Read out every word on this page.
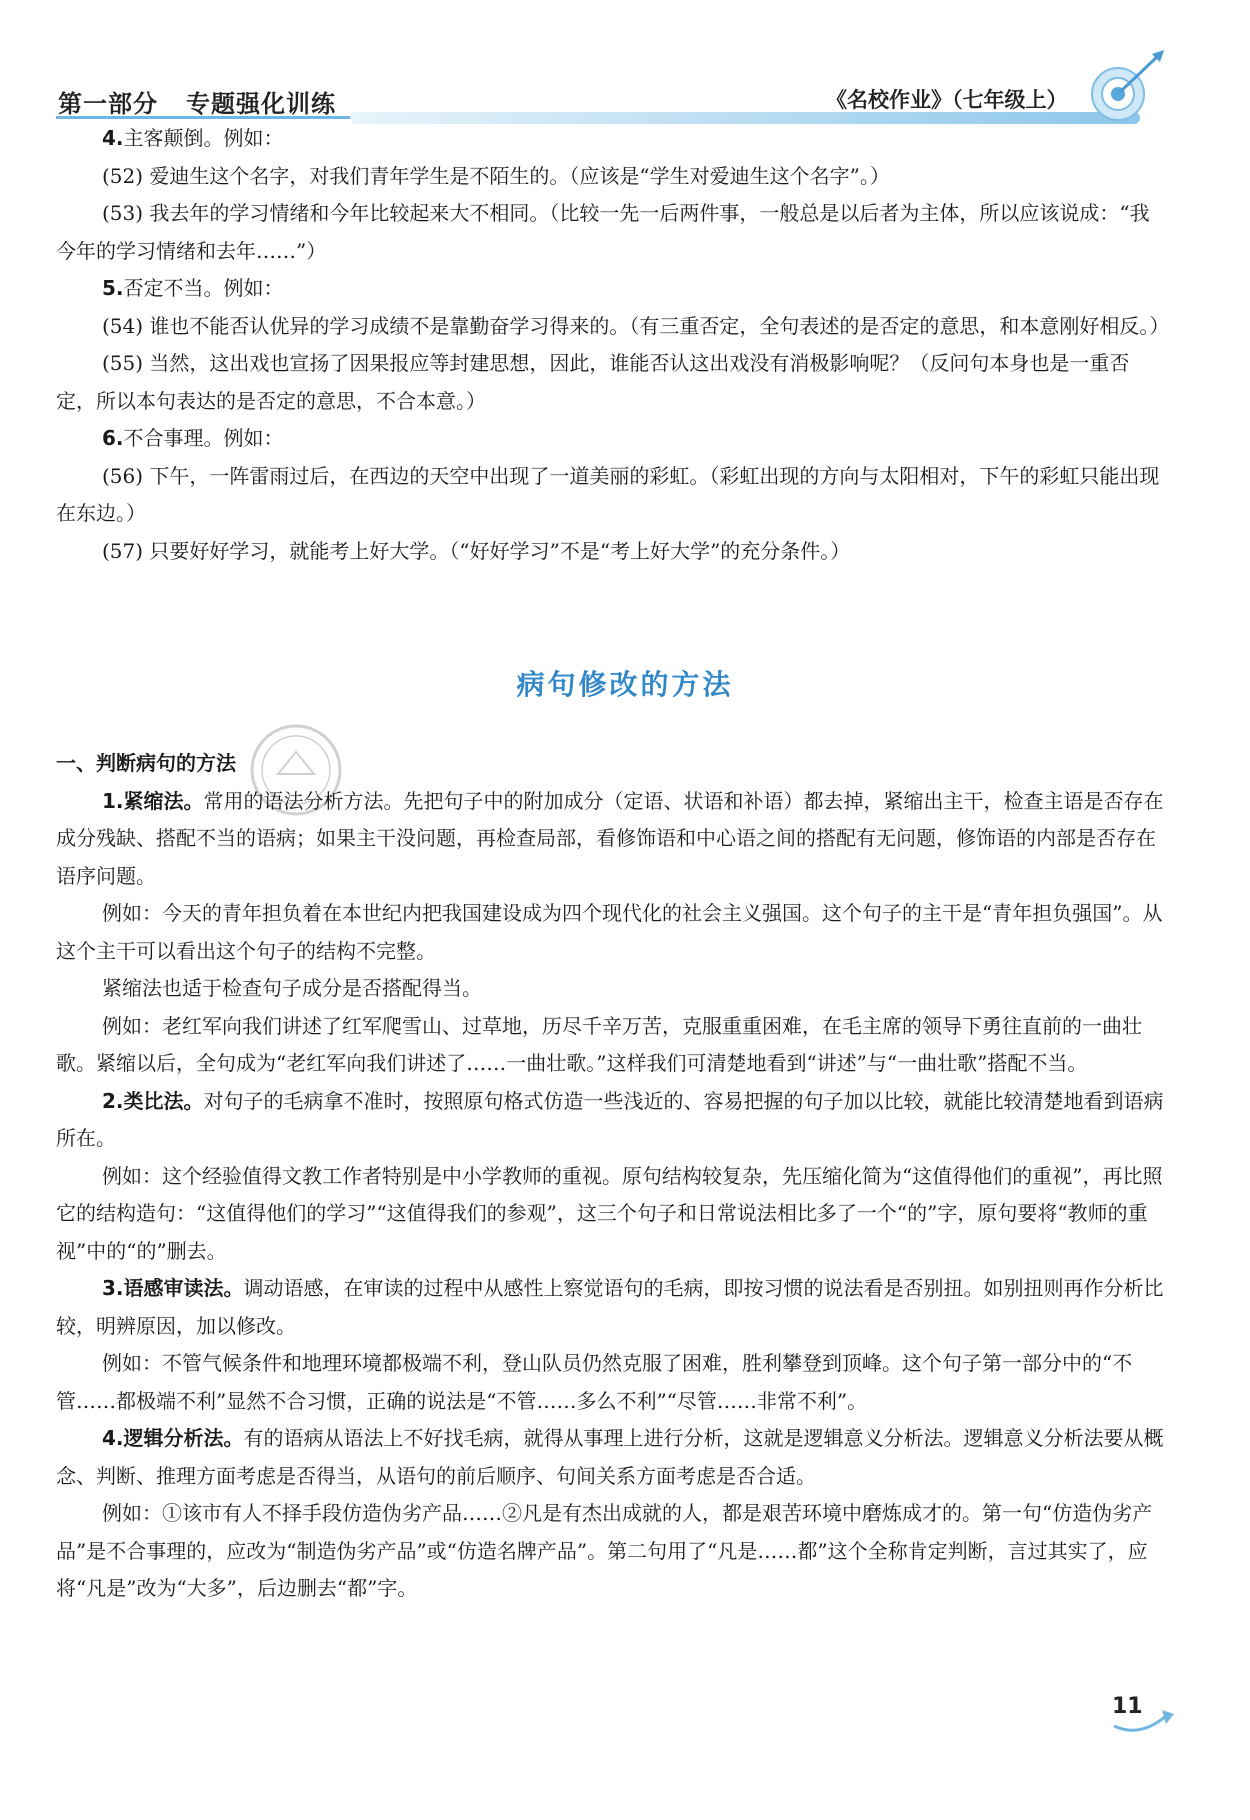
第一部分 专题强化训练	《名校作业》（七年级上）

4.主客颠倒。例如：

(52) 爱迪生这个名字，对我们青年学生是不陌生的。（应该是“学生对爱迪生这个名字”。）

(53) 我去年的学习情绪和今年比较起来大不相同。（比较一先一后两件事，一般总是以后者为主体，所以应该说成：“我今年的学习情绪和去年……”）

5.否定不当。例如：

(54) 谁也不能否认优异的学习成绩不是靠勤奋学习得来的。（有三重否定，全句表述的是否定的意思，和本意刚好相反。）

(55) 当然，这出戏也宣扬了因果报应等封建思想，因此，谁能否认这出戏没有消极影响呢？（反问句本身也是一重否定，所以本句表达的是否定的意思，不合本意。）

6.不合事理。例如：

(56) 下午，一阵雷雨过后，在西边的天空中出现了一道美丽的彩虹。（彩虹出现的方向与太阳相对，下午的彩虹只能出现在东边。）

(57) 只要好好学习，就能考上好大学。（“好好学习”不是“考上好大学”的充分条件。）

病句修改的方法

一、判断病句的方法

1.紧缩法。常用的语法分析方法。先把句子中的附加成分（定语、状语和补语）都去掉，紧缩出主干，检查主语是否存在成分残缺、搭配不当的语病；如果主干没问题，再检查局部，看修饰语和中心语之间的搭配有无问题，修饰语的内部是否存在语序问题。

例如：今天的青年担负着在本世纪内把我国建设成为四个现代化的社会主义强国。这个句子的主干是“青年担负强国”。从这个主干可以看出这个句子的结构不完整。

紧缩法也适于检查句子成分是否搭配得当。

例如：老红军向我们讲述了红军爬雪山、过草地，历尽千辛万苦，克服重重困难，在毛主席的领导下勇往直前的一曲壮歌。紧缩以后，全句成为“老红军向我们讲述了……一曲壮歌。”这样我们可清楚地看到“讲述”与“一曲壮歌”搭配不当。

2.类比法。对句子的毛病拿不准时，按照原句格式仿造一些浅近的、容易把握的句子加以比较，就能比较清楚地看到语病所在。

例如：这个经验值得文教工作者特别是中小学教师的重视。原句结构较复杂，先压缩化简为“这值得他们的重视”，再比照它的结构造句：“这值得他们的学习”“这值得我们的参观”，这三个句子和日常说法相比多了一个“的”字，原句要将“教师的重视”中的“的”删去。

3.语感审读法。调动语感，在审读的过程中从感性上察觉语句的毛病，即按习惯的说法看是否别扭。如别扭则再作分析比较，明辨原因，加以修改。

例如：不管气候条件和地理环境都极端不利，登山队员仍然克服了困难，胜利攀登到顶峰。这个句子第一部分中的“不管……都极端不利”显然不合习惯，正确的说法是“不管……多么不利”“尽管……非常不利”。

4.逻辑分析法。有的语病从语法上不好找毛病，就得从事理上进行分析，这就是逻辑意义分析法。逻辑意义分析法要从概念、判断、推理方面考虑是否得当，从语句的前后顺序、句间关系方面考虑是否合适。

例如：①该市有人不择手段仿造伪劣产品……②凡是有杰出成就的人，都是艰苦环境中磨炼成才的。第一句“仿造伪劣产品”是不合事理的，应改为“制造伪劣产品”或“仿造名牌产品”。第二句用了“凡是……都”这个全称肯定判断，言过其实了，应将“凡是”改为“大多”，后边删去“都”字。

11
